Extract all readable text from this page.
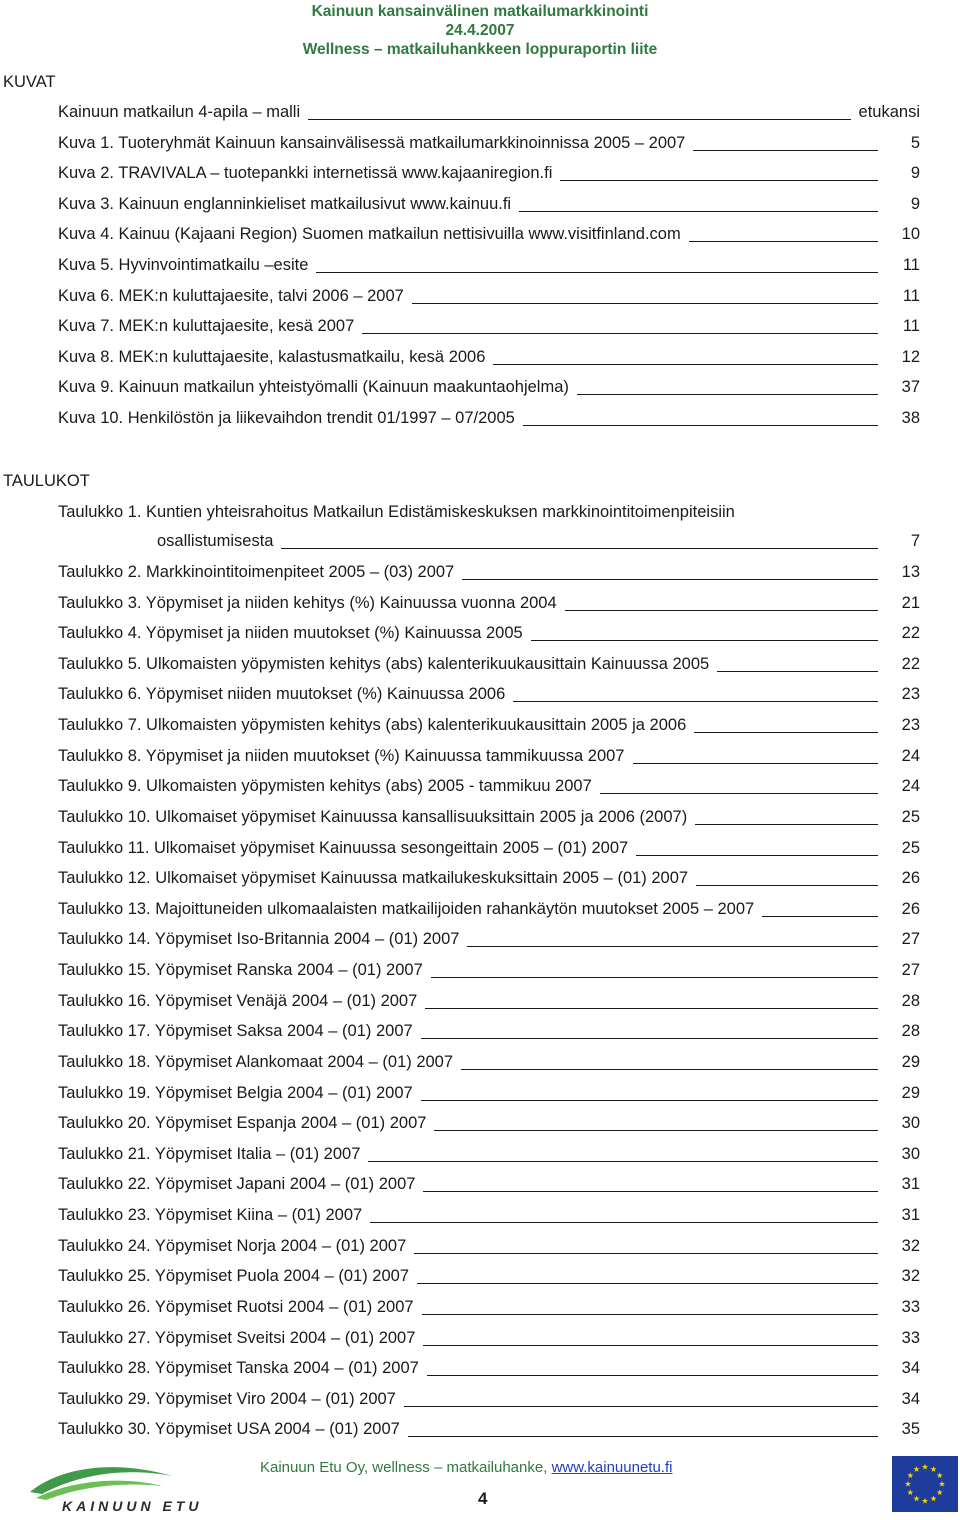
Kainuun kansainvälinen matkailumarkkinointi
24.4.2007
Wellness – matkailuhankkeen loppuraportin liite
KUVAT
Kainuun matkailun 4-apila – malli	etukansi
Kuva 1. Tuoteryhmät Kainuun kansainvälisessä matkailumarkkinoinnissa 2005 – 2007	5
Kuva 2. TRAVIVALA – tuotepankki internetissä www.kajaaniregion.fi	9
Kuva 3. Kainuun englanninkieliset matkailusivut www.kainuu.fi	9
Kuva 4. Kainuu (Kajaani Region) Suomen matkailun nettisivuilla www.visitfinland.com	10
Kuva 5. Hyvinvointimatkailu –esite	11
Kuva 6. MEK:n kuluttajaesite, talvi 2006 – 2007	11
Kuva 7. MEK:n kuluttajaesite, kesä 2007	11
Kuva 8. MEK:n kuluttajaesite, kalastusmatkailu, kesä 2006	12
Kuva 9. Kainuun matkailun yhteistyömalli (Kainuun maakuntaohjelma)	37
Kuva 10. Henkilöstön ja liikevaihdon trendit 01/1997 – 07/2005	38
TAULUKOT
Taulukko 1. Kuntien yhteisrahoitus Matkailun Edistämiskeskuksen markkinointitoimenpiteisiin
osallistumisesta	7
Taulukko 2. Markkinointitoimenpiteet 2005 – (03) 2007	13
Taulukko 3. Yöpymiset ja niiden kehitys (%) Kainuussa vuonna 2004	21
Taulukko 4. Yöpymiset ja niiden muutokset (%) Kainuussa 2005	22
Taulukko 5. Ulkomaisten yöpymisten kehitys (abs) kalenterikuukausittain Kainuussa 2005	22
Taulukko 6. Yöpymiset niiden muutokset (%) Kainuussa 2006	23
Taulukko 7. Ulkomaisten yöpymisten kehitys (abs) kalenterikuukausittain 2005 ja 2006	23
Taulukko 8. Yöpymiset ja niiden muutokset (%) Kainuussa tammikuussa 2007	24
Taulukko 9. Ulkomaisten yöpymisten kehitys (abs) 2005 - tammikuu 2007	24
Taulukko 10. Ulkomaiset yöpymiset Kainuussa kansallisuuksittain 2005 ja 2006 (2007)	25
Taulukko 11. Ulkomaiset yöpymiset Kainuussa sesongeittain 2005 – (01) 2007	25
Taulukko 12. Ulkomaiset yöpymiset Kainuussa matkailukeskuksittain 2005 – (01) 2007	26
Taulukko 13. Majoittuneiden ulkomaalaisten matkailijoiden rahankäytön muutokset 2005 – 2007	26
Taulukko 14. Yöpymiset Iso-Britannia 2004 – (01) 2007	27
Taulukko 15. Yöpymiset Ranska 2004 – (01) 2007	27
Taulukko 16. Yöpymiset Venäjä 2004 – (01) 2007	28
Taulukko 17. Yöpymiset Saksa 2004 – (01) 2007	28
Taulukko 18. Yöpymiset Alankomaat 2004 – (01) 2007	29
Taulukko 19. Yöpymiset Belgia 2004 – (01) 2007	29
Taulukko 20. Yöpymiset Espanja 2004 – (01) 2007	30
Taulukko 21. Yöpymiset Italia – (01) 2007	30
Taulukko 22. Yöpymiset Japani 2004 – (01) 2007	31
Taulukko 23. Yöpymiset Kiina – (01) 2007	31
Taulukko 24. Yöpymiset Norja 2004 – (01) 2007	32
Taulukko 25. Yöpymiset Puola 2004 – (01) 2007	32
Taulukko 26. Yöpymiset Ruotsi 2004 – (01) 2007	33
Taulukko 27. Yöpymiset Sveitsi 2004 – (01) 2007	33
Taulukko 28. Yöpymiset Tanska 2004 – (01) 2007	34
Taulukko 29. Yöpymiset Viro 2004 – (01) 2007	34
Taulukko 30. Yöpymiset USA 2004 – (01) 2007	35
KAINUUN ETU
Kainuun Etu Oy, wellness – matkailuhanke, www.kainuunetu.fi
4
